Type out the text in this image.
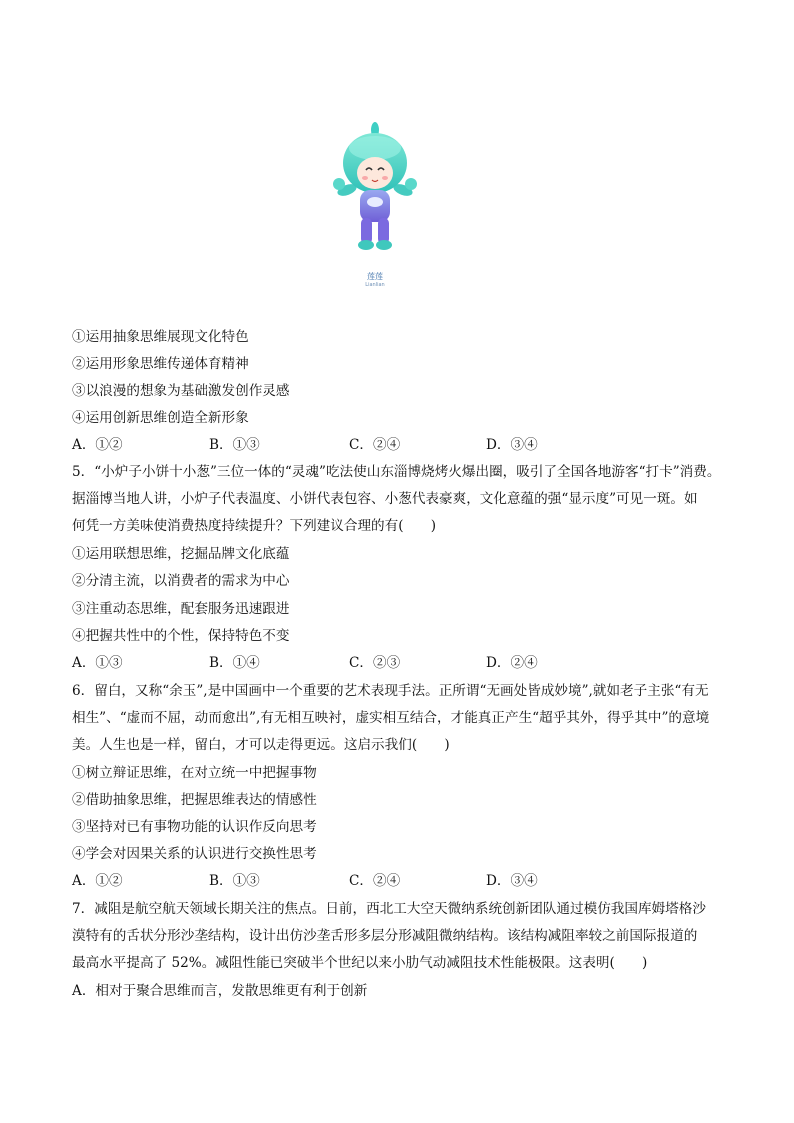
莲莲
Lianlian
①运用抽象思维展现文化特色
②运用形象思维传递体育精神
③以浪漫的想象为基础激发创作灵感
④运用创新思维创造全新形象
A．①②	B．①③	C．②④	D．③④
5．“小炉子小饼十小葱”三位一体的“灵魂”吃法使山东淄博烧烤火爆出圈，吸引了全国各地游客“打卡”消费。
据淄博当地人讲，小炉子代表温度、小饼代表包容、小葱代表豪爽，文化意蕴的强“显示度”可见一斑。如
何凭一方美味使消费热度持续提升？下列建议合理的有(　　)
①运用联想思维，挖掘品牌文化底蕴
②分清主流，以消费者的需求为中心
③注重动态思维，配套服务迅速跟进
④把握共性中的个性，保持特色不变
A．①③	B．①④	C．②③	D．②④
6．留白，又称“余玉”,是中国画中一个重要的艺术表现手法。正所谓“无画处皆成妙境”,就如老子主张“有无
相生”、“虚而不屈，动而愈出”,有无相互映衬，虚实相互结合，才能真正产生“超乎其外，得乎其中”的意境
美。人生也是一样，留白，才可以走得更远。这启示我们(　　)
①树立辩证思维，在对立统一中把握事物
②借助抽象思维，把握思维表达的情感性
③坚持对已有事物功能的认识作反向思考
④学会对因果关系的认识进行交换性思考
A．①②	B．①③	C．②④	D．③④
7．减阻是航空航天领域长期关注的焦点。日前，西北工大空天微纳系统创新团队通过模仿我国库姆塔格沙
漠特有的舌状分形沙垄结构，设计出仿沙垄舌形多层分形减阻微纳结构。该结构减阻率较之前国际报道的
最高水平提高了 52%。减阻性能已突破半个世纪以来小肋气动减阻技术性能极限。这表明(　　)
A．相对于聚合思维而言，发散思维更有利于创新
